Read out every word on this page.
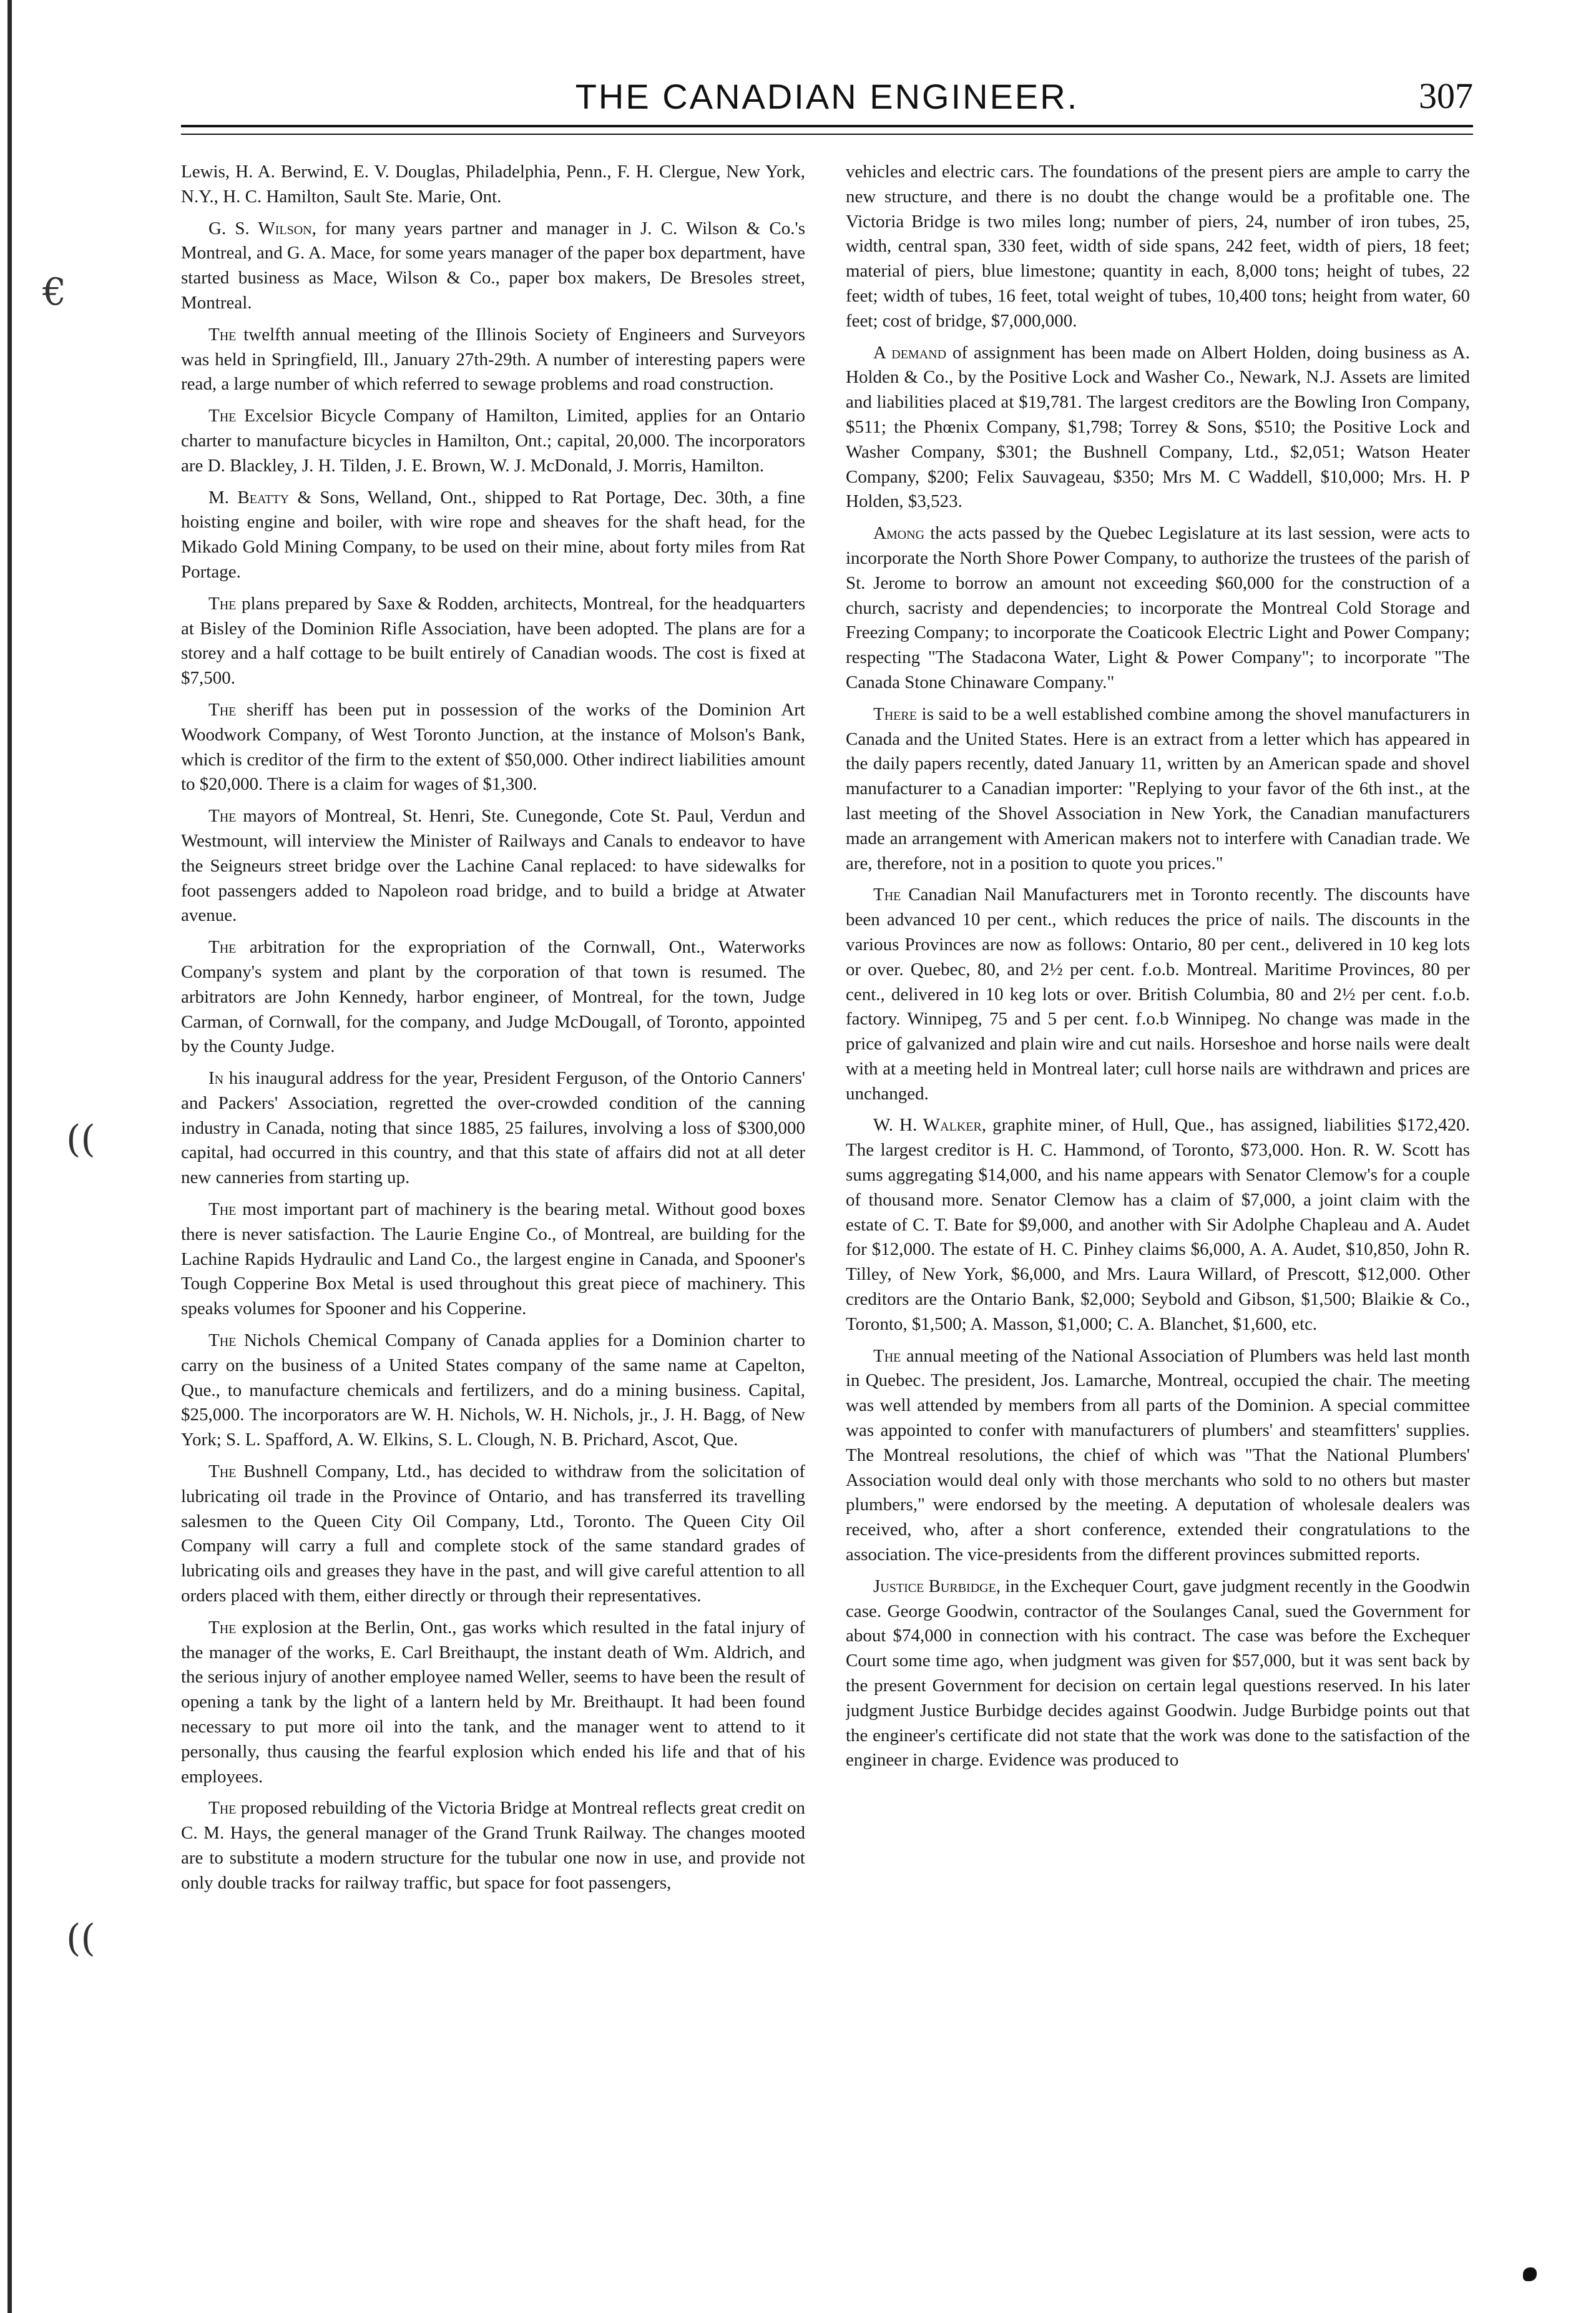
€
((
((
THE CANADIAN ENGINEER.	307

Lewis, H. A. Berwind, E. V. Douglas, Philadelphia, Penn., F. H. Clergue, New York, N.Y., H. C. Hamilton, Sault Ste. Marie, Ont.

G. S. Wilson, for many years partner and manager in J. C. Wilson & Co.'s Montreal, and G. A. Mace, for some years manager of the paper box department, have started business as Mace, Wilson & Co., paper box makers, De Bresoles street, Montreal.

The twelfth annual meeting of the Illinois Society of Engineers and Surveyors was held in Springfield, Ill., January 27th-29th. A number of interesting papers were read, a large number of which referred to sewage problems and road construction.

The Excelsior Bicycle Company of Hamilton, Limited, applies for an Ontario charter to manufacture bicycles in Hamilton, Ont.; capital, 20,000. The incorporators are D. Blackley, J. H. Tilden, J. E. Brown, W. J. McDonald, J. Morris, Hamilton.

M. Beatty & Sons, Welland, Ont., shipped to Rat Portage, Dec. 30th, a fine hoisting engine and boiler, with wire rope and sheaves for the shaft head, for the Mikado Gold Mining Company, to be used on their mine, about forty miles from Rat Portage.

The plans prepared by Saxe & Rodden, architects, Montreal, for the headquarters at Bisley of the Dominion Rifle Association, have been adopted. The plans are for a storey and a half cottage to be built entirely of Canadian woods. The cost is fixed at $7,500.

The sheriff has been put in possession of the works of the Dominion Art Woodwork Company, of West Toronto Junction, at the instance of Molson's Bank, which is creditor of the firm to the extent of $50,000. Other indirect liabilities amount to $20,000. There is a claim for wages of $1,300.

The mayors of Montreal, St. Henri, Ste. Cunegonde, Cote St. Paul, Verdun and Westmount, will interview the Minister of Railways and Canals to endeavor to have the Seigneurs street bridge over the Lachine Canal replaced: to have sidewalks for foot passengers added to Napoleon road bridge, and to build a bridge at Atwater avenue.

The arbitration for the expropriation of the Cornwall, Ont., Waterworks Company's system and plant by the corporation of that town is resumed. The arbitrators are John Kennedy, harbor engineer, of Montreal, for the town, Judge Carman, of Cornwall, for the company, and Judge McDougall, of Toronto, appointed by the County Judge.

In his inaugural address for the year, President Ferguson, of the Ontorio Canners' and Packers' Association, regretted the over-crowded condition of the canning industry in Canada, noting that since 1885, 25 failures, involving a loss of $300,000 capital, had occurred in this country, and that this state of affairs did not at all deter new canneries from starting up.

The most important part of machinery is the bearing metal. Without good boxes there is never satisfaction. The Laurie Engine Co., of Montreal, are building for the Lachine Rapids Hydraulic and Land Co., the largest engine in Canada, and Spooner's Tough Copperine Box Metal is used throughout this great piece of machinery. This speaks volumes for Spooner and his Copperine.

The Nichols Chemical Company of Canada applies for a Dominion charter to carry on the business of a United States company of the same name at Capelton, Que., to manufacture chemicals and fertilizers, and do a mining business. Capital, $25,000. The incorporators are W. H. Nichols, W. H. Nichols, jr., J. H. Bagg, of New York; S. L. Spafford, A. W. Elkins, S. L. Clough, N. B. Prichard, Ascot, Que.

The Bushnell Company, Ltd., has decided to withdraw from the solicitation of lubricating oil trade in the Province of Ontario, and has transferred its travelling salesmen to the Queen City Oil Company, Ltd., Toronto. The Queen City Oil Company will carry a full and complete stock of the same standard grades of lubricating oils and greases they have in the past, and will give careful attention to all orders placed with them, either directly or through their representatives.

The explosion at the Berlin, Ont., gas works which resulted in the fatal injury of the manager of the works, E. Carl Breithaupt, the instant death of Wm. Aldrich, and the serious injury of another employee named Weller, seems to have been the result of opening a tank by the light of a lantern held by Mr. Breithaupt. It had been found necessary to put more oil into the tank, and the manager went to attend to it personally, thus causing the fearful explosion which ended his life and that of his employees.

The proposed rebuilding of the Victoria Bridge at Montreal reflects great credit on C. M. Hays, the general manager of the Grand Trunk Railway. The changes mooted are to substitute a modern structure for the tubular one now in use, and provide not only double tracks for railway traffic, but space for foot passengers,

vehicles and electric cars. The foundations of the present piers are ample to carry the new structure, and there is no doubt the change would be a profitable one. The Victoria Bridge is two miles long; number of piers, 24, number of iron tubes, 25, width, central span, 330 feet, width of side spans, 242 feet, width of piers, 18 feet; material of piers, blue limestone; quantity in each, 8,000 tons; height of tubes, 22 feet; width of tubes, 16 feet, total weight of tubes, 10,400 tons; height from water, 60 feet; cost of bridge, $7,000,000.

A demand of assignment has been made on Albert Holden, doing business as A. Holden & Co., by the Positive Lock and Washer Co., Newark, N.J. Assets are limited and liabilities placed at $19,781. The largest creditors are the Bowling Iron Company, $511; the Phœnix Company, $1,798; Torrey & Sons, $510; the Positive Lock and Washer Company, $301; the Bushnell Company, Ltd., $2,051; Watson Heater Company, $200; Felix Sauvageau, $350; Mrs M. C Waddell, $10,000; Mrs. H. P Holden, $3,523.

Among the acts passed by the Quebec Legislature at its last session, were acts to incorporate the North Shore Power Company, to authorize the trustees of the parish of St. Jerome to borrow an amount not exceeding $60,000 for the construction of a church, sacristy and dependencies; to incorporate the Montreal Cold Storage and Freezing Company; to incorporate the Coaticook Electric Light and Power Company; respecting "The Stadacona Water, Light & Power Company"; to incorporate "The Canada Stone Chinaware Company."

There is said to be a well established combine among the shovel manufacturers in Canada and the United States. Here is an extract from a letter which has appeared in the daily papers recently, dated January 11, written by an American spade and shovel manufacturer to a Canadian importer: "Replying to your favor of the 6th inst., at the last meeting of the Shovel Association in New York, the Canadian manufacturers made an arrangement with American makers not to interfere with Canadian trade. We are, therefore, not in a position to quote you prices."

The Canadian Nail Manufacturers met in Toronto recently. The discounts have been advanced 10 per cent., which reduces the price of nails. The discounts in the various Provinces are now as follows: Ontario, 80 per cent., delivered in 10 keg lots or over. Quebec, 80, and 2½ per cent. f.o.b. Montreal. Maritime Provinces, 80 per cent., delivered in 10 keg lots or over. British Columbia, 80 and 2½ per cent. f.o.b. factory. Winnipeg, 75 and 5 per cent. f.o.b Winnipeg. No change was made in the price of galvanized and plain wire and cut nails. Horseshoe and horse nails were dealt with at a meeting held in Montreal later; cull horse nails are withdrawn and prices are unchanged.

W. H. Walker, graphite miner, of Hull, Que., has assigned, liabilities $172,420. The largest creditor is H. C. Hammond, of Toronto, $73,000. Hon. R. W. Scott has sums aggregating $14,000, and his name appears with Senator Clemow's for a couple of thousand more. Senator Clemow has a claim of $7,000, a joint claim with the estate of C. T. Bate for $9,000, and another with Sir Adolphe Chapleau and A. Audet for $12,000. The estate of H. C. Pinhey claims $6,000, A. A. Audet, $10,850, John R. Tilley, of New York, $6,000, and Mrs. Laura Willard, of Prescott, $12,000. Other creditors are the Ontario Bank, $2,000; Seybold and Gibson, $1,500; Blaikie & Co., Toronto, $1,500; A. Masson, $1,000; C. A. Blanchet, $1,600, etc.

The annual meeting of the National Association of Plumbers was held last month in Quebec. The president, Jos. Lamarche, Montreal, occupied the chair. The meeting was well attended by members from all parts of the Dominion. A special committee was appointed to confer with manufacturers of plumbers' and steamfitters' supplies. The Montreal resolutions, the chief of which was "That the National Plumbers' Association would deal only with those merchants who sold to no others but master plumbers," were endorsed by the meeting. A deputation of wholesale dealers was received, who, after a short conference, extended their congratulations to the association. The vice-presidents from the different provinces submitted reports.

Justice Burbidge, in the Exchequer Court, gave judgment recently in the Goodwin case. George Goodwin, contractor of the Soulanges Canal, sued the Government for about $74,000 in connection with his contract. The case was before the Exchequer Court some time ago, when judgment was given for $57,000, but it was sent back by the present Government for decision on certain legal questions reserved. In his later judgment Justice Burbidge decides against Goodwin. Judge Burbidge points out that the engineer's certificate did not state that the work was done to the satisfaction of the engineer in charge. Evidence was produced to
